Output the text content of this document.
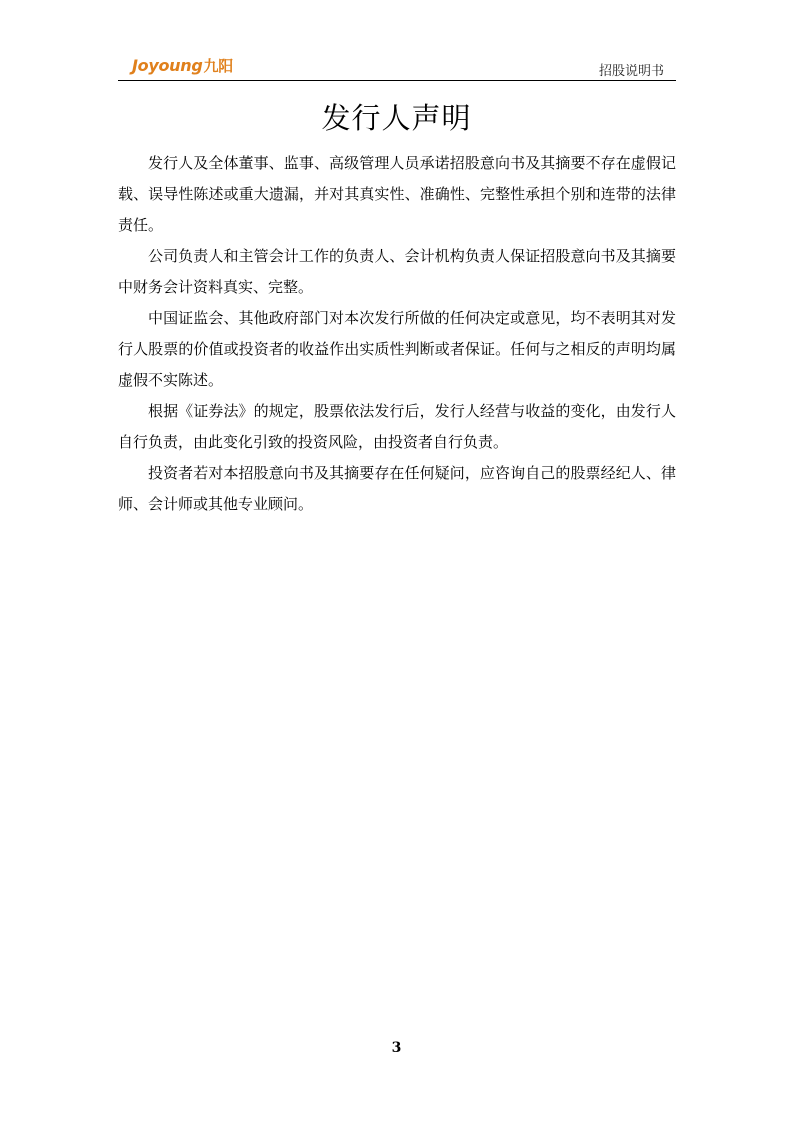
Joyoung九阳	招股说明书
发行人声明

发行人及全体董事、监事、高级管理人员承诺招股意向书及其摘要不存在虚假记载、误导性陈述或重大遗漏，并对其真实性、准确性、完整性承担个别和连带的法律责任。

公司负责人和主管会计工作的负责人、会计机构负责人保证招股意向书及其摘要中财务会计资料真实、完整。

中国证监会、其他政府部门对本次发行所做的任何决定或意见，均不表明其对发行人股票的价值或投资者的收益作出实质性判断或者保证。任何与之相反的声明均属虚假不实陈述。

根据《证券法》的规定，股票依法发行后，发行人经营与收益的变化，由发行人自行负责，由此变化引致的投资风险，由投资者自行负责。

投资者若对本招股意向书及其摘要存在任何疑问，应咨询自己的股票经纪人、律师、会计师或其他专业顾问。

3
